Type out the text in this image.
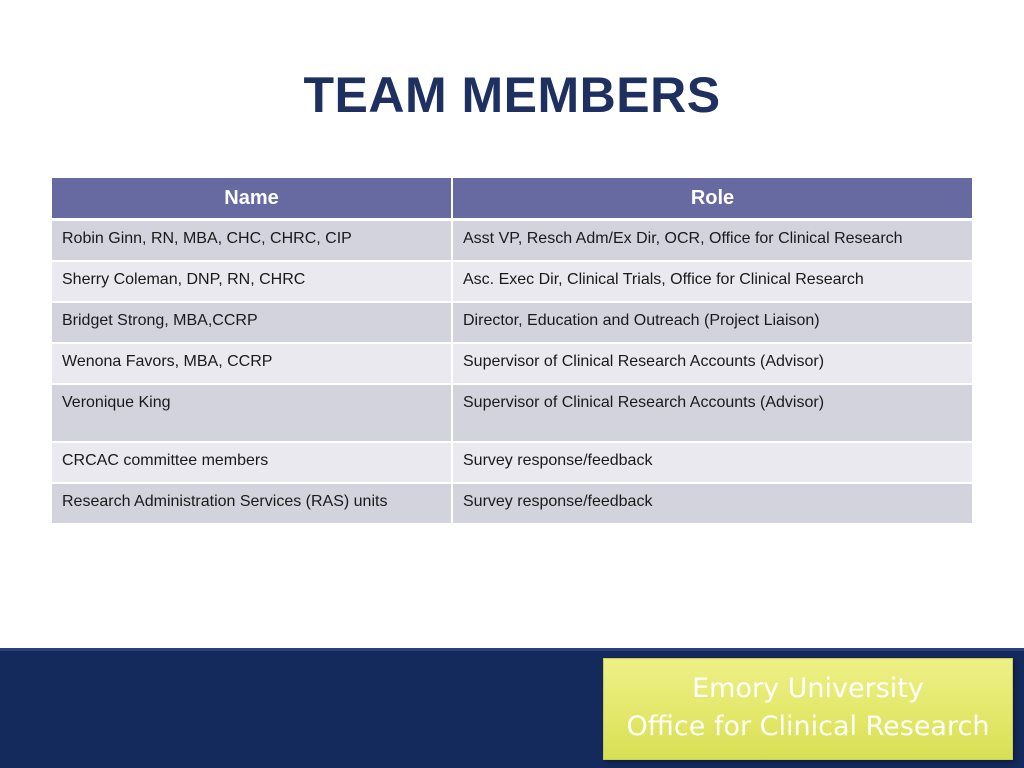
TEAM MEMBERS
Name	Role
Robin Ginn, RN, MBA, CHC, CHRC, CIP	Asst VP, Resch Adm/Ex Dir, OCR, Office for Clinical Research
Sherry Coleman, DNP, RN, CHRC	Asc. Exec Dir, Clinical Trials, Office for Clinical Research
Bridget Strong, MBA,CCRP	Director, Education and Outreach (Project Liaison)
Wenona Favors, MBA, CCRP	Supervisor of Clinical Research Accounts (Advisor)
Veronique King	Supervisor of Clinical Research Accounts (Advisor)
CRCAC committee members	Survey response/feedback
Research Administration Services (RAS) units	Survey response/feedback
Emory University
Office for Clinical Research
